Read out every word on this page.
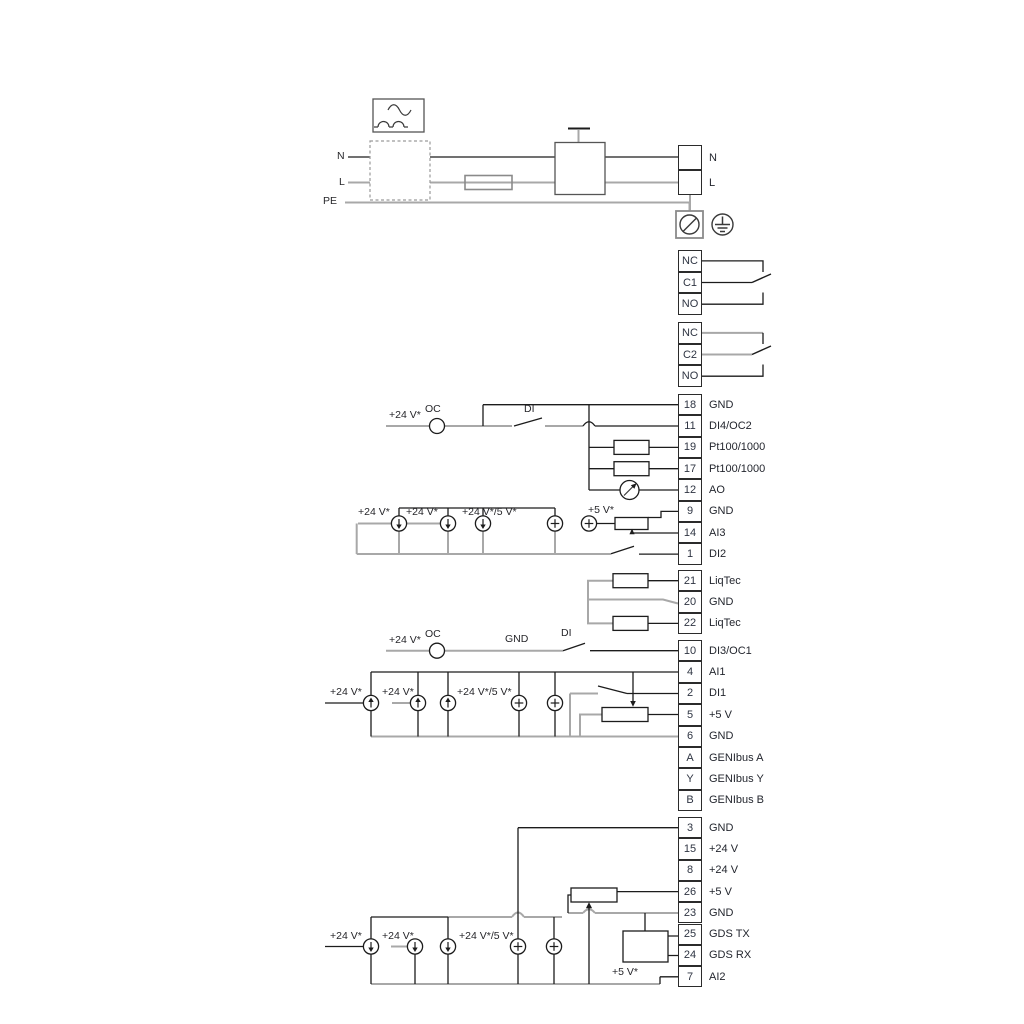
N
L
PE
+24 V* OC	DI
+24 V* +24 V* +24 V*/5 V*	+5 V*
+24 V* OC	GND	DI
+24 V* +24 V*	+24 V*/5 V*
+24 V* +24 V*	+24 V*/5 V*
+5 V*
N
L
NC
C1
NO
NC
C2
NO
18	GND
11	DI4/OC2
19	Pt100/1000
17	Pt100/1000
12	AO
9	GND
14	AI3
1	DI2
21	LiqTec
20	GND
22	LiqTec
10	DI3/OC1
4	AI1
2	DI1
5	+5 V
6	GND
A	GENIbus A
Y	GENIbus Y
B	GENIbus B
3	GND
15	+24 V
8	+24 V
26	+5 V
23	GND
25	GDS TX
24	GDS RX
7	AI2
